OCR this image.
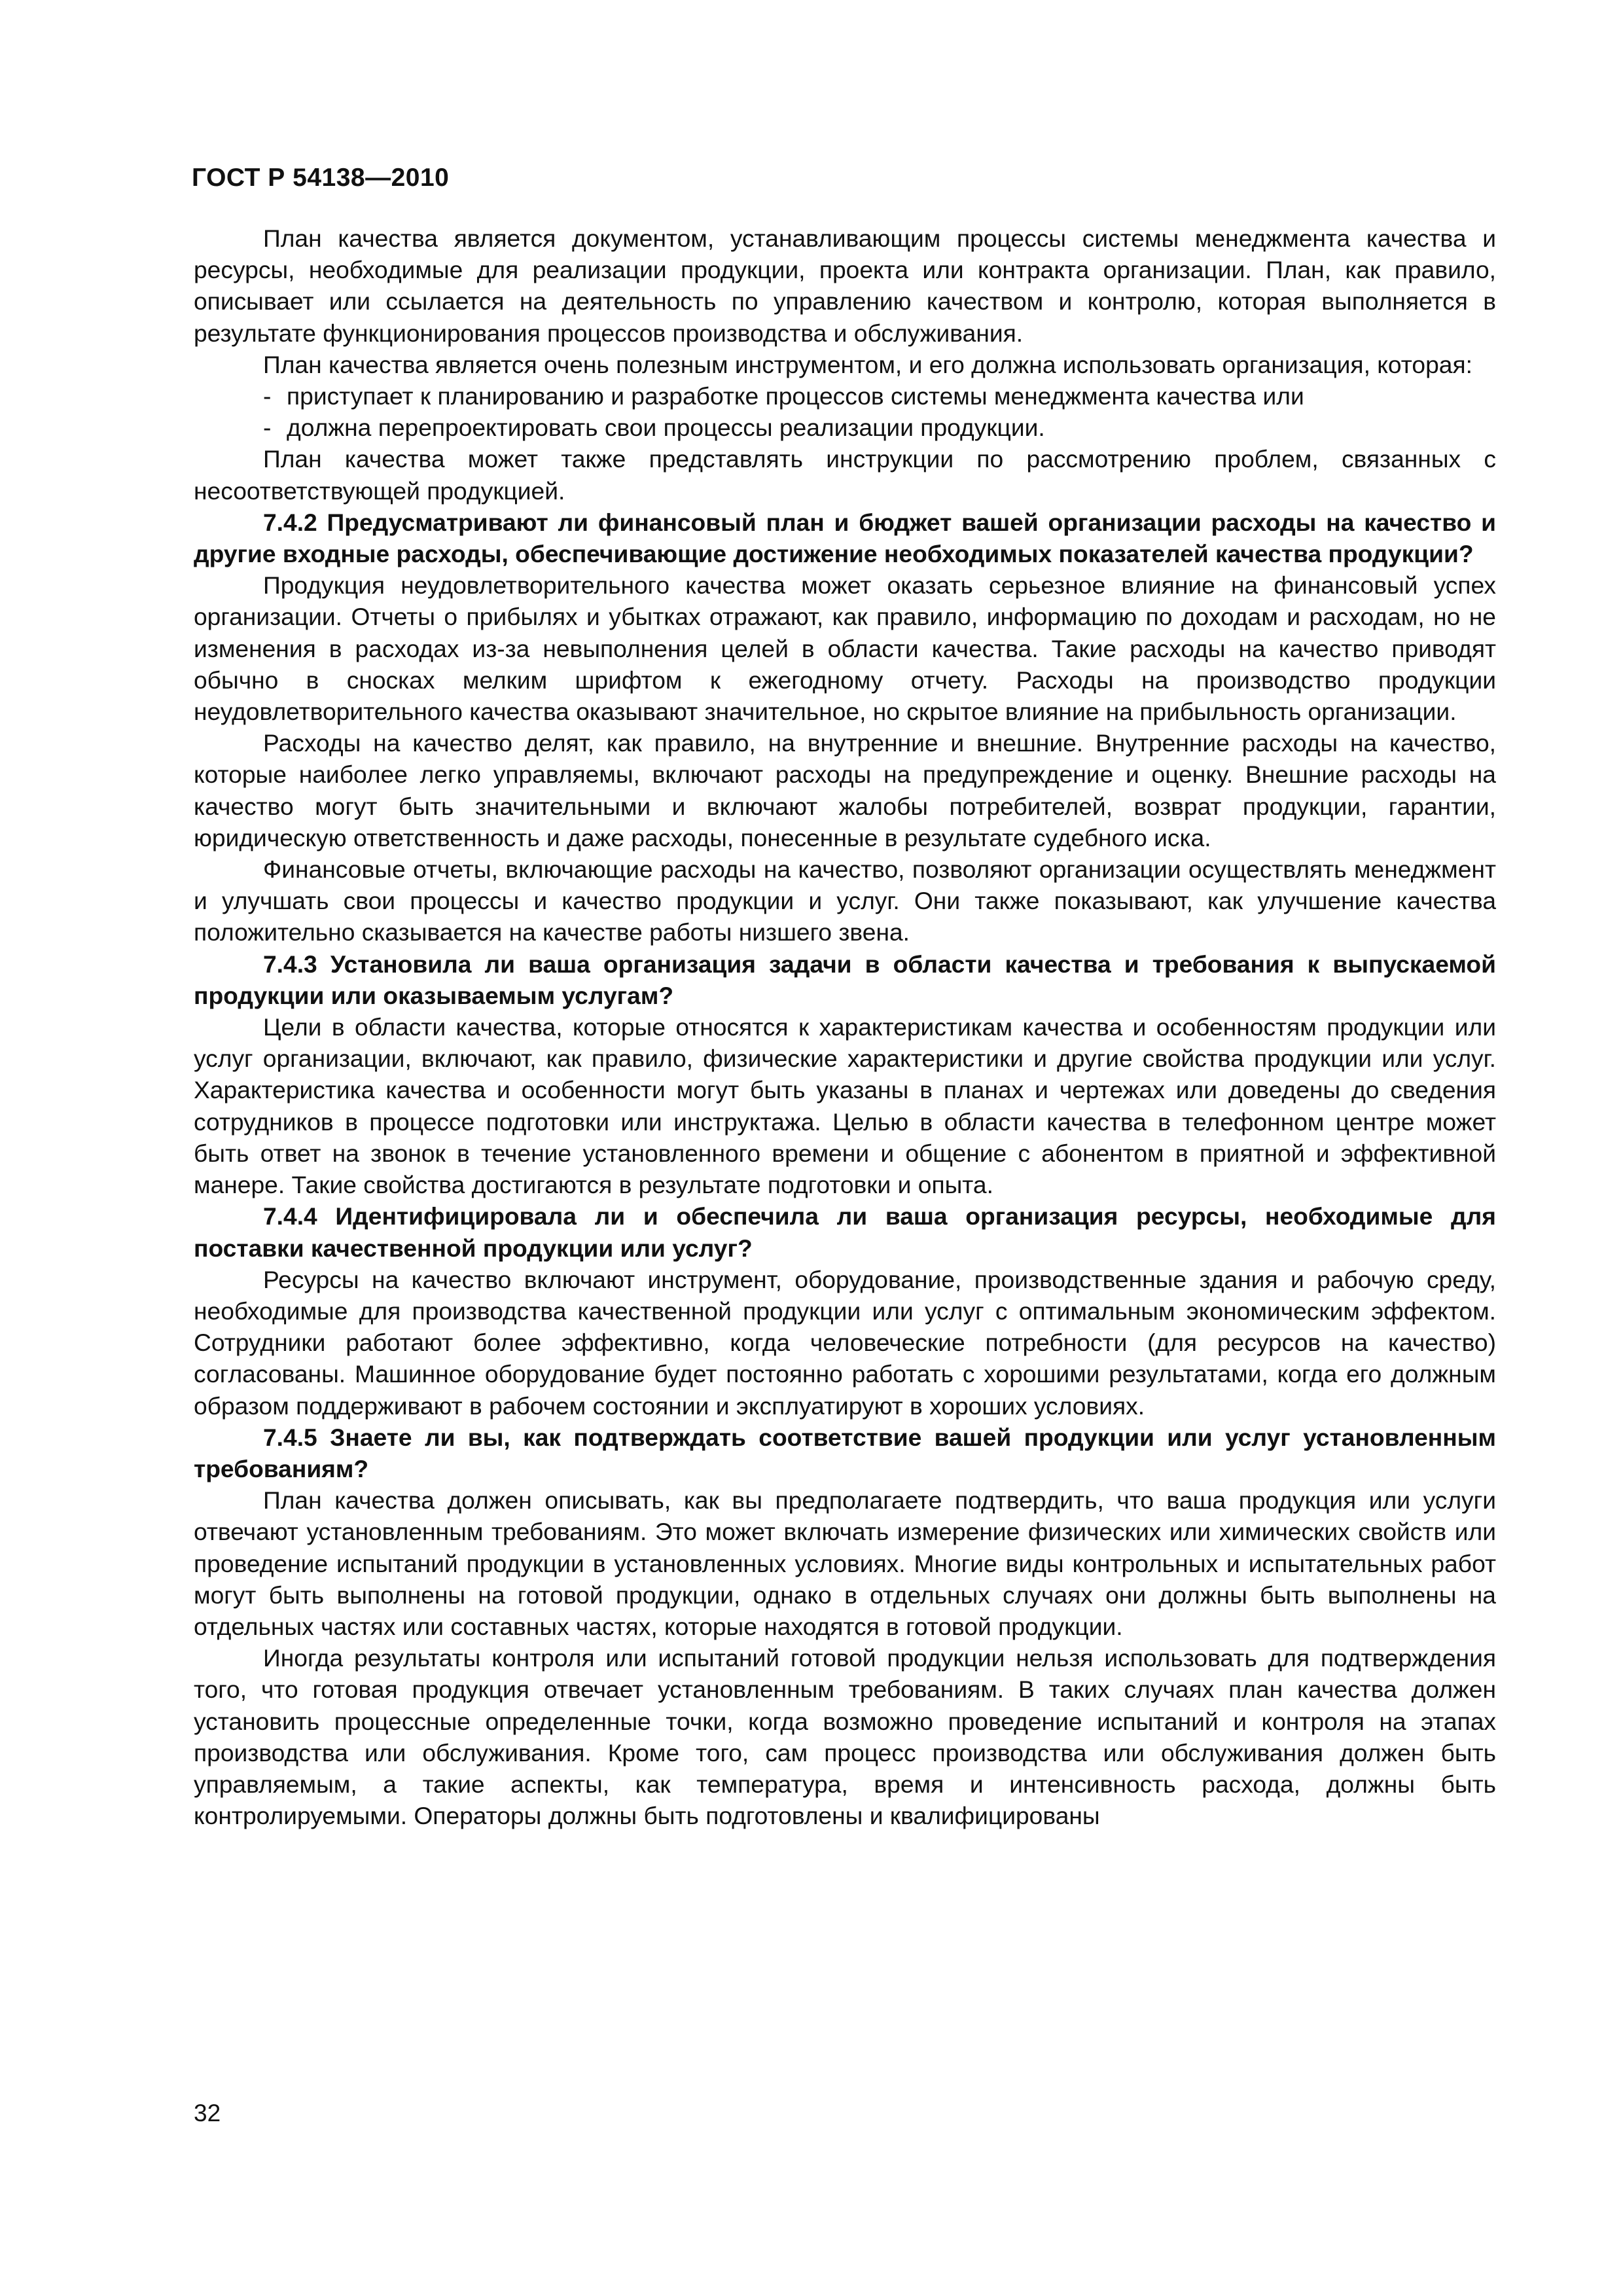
ГОСТ Р 54138—2010

План качества является документом, устанавливающим процессы системы менеджмента качества и ресурсы, необходимые для реализации продукции, проекта или контракта организации. План, как правило, описывает или ссылается на деятельность по управлению качеством и контролю, которая выполняется в результате функционирования процессов производства и обслуживания.

План качества является очень полезным инструментом, и его должна использовать организация, которая:

- приступает к планированию и разработке процессов системы менеджмента качества или

- должна перепроектировать свои процессы реализации продукции.

План качества может также представлять инструкции по рассмотрению проблем, связанных с несоответствующей продукцией.

7.4.2 Предусматривают ли финансовый план и бюджет вашей организации расходы на качество и другие входные расходы, обеспечивающие достижение необходимых показателей качества продукции?

Продукция неудовлетворительного качества может оказать серьезное влияние на финансовый успех организации. Отчеты о прибылях и убытках отражают, как правило, информацию по доходам и расходам, но не изменения в расходах из-за невыполнения целей в области качества. Такие расходы на качество приводят обычно в сносках мелким шрифтом к ежегодному отчету. Расходы на производство продукции неудовлетворительного качества оказывают значительное, но скрытое влияние на прибыльность организации.

Расходы на качество делят, как правило, на внутренние и внешние. Внутренние расходы на качество, которые наиболее легко управляемы, включают расходы на предупреждение и оценку. Внешние расходы на качество могут быть значительными и включают жалобы потребителей, возврат продукции, гарантии, юридическую ответственность и даже расходы, понесенные в результате судебного иска.

Финансовые отчеты, включающие расходы на качество, позволяют организации осуществлять менеджмент и улучшать свои процессы и качество продукции и услуг. Они также показывают, как улучшение качества положительно сказывается на качестве работы низшего звена.

7.4.3 Установила ли ваша организация задачи в области качества и требования к выпускаемой продукции или оказываемым услугам?

Цели в области качества, которые относятся к характеристикам качества и особенностям продукции или услуг организации, включают, как правило, физические характеристики и другие свойства продукции или услуг. Характеристика качества и особенности могут быть указаны в планах и чертежах или доведены до сведения сотрудников в процессе подготовки или инструктажа. Целью в области качества в телефонном центре может быть ответ на звонок в течение установленного времени и общение с абонентом в приятной и эффективной манере. Такие свойства достигаются в результате подготовки и опыта.

7.4.4 Идентифицировала ли и обеспечила ли ваша организация ресурсы, необходимые для поставки качественной продукции или услуг?

Ресурсы на качество включают инструмент, оборудование, производственные здания и рабочую среду, необходимые для производства качественной продукции или услуг с оптимальным экономическим эффектом. Сотрудники работают более эффективно, когда человеческие потребности (для ресурсов на качество) согласованы. Машинное оборудование будет постоянно работать с хорошими результатами, когда его должным образом поддерживают в рабочем состоянии и эксплуатируют в хороших условиях.

7.4.5 Знаете ли вы, как подтверждать соответствие вашей продукции или услуг установленным требованиям?

План качества должен описывать, как вы предполагаете подтвердить, что ваша продукция или услуги отвечают установленным требованиям. Это может включать измерение физических или химических свойств или проведение испытаний продукции в установленных условиях. Многие виды контрольных и испытательных работ могут быть выполнены на готовой продукции, однако в отдельных случаях они должны быть выполнены на отдельных частях или составных частях, которые находятся в готовой продукции.

Иногда результаты контроля или испытаний готовой продукции нельзя использовать для подтверждения того, что готовая продукция отвечает установленным требованиям. В таких случаях план качества должен установить процессные определенные точки, когда возможно проведение испытаний и контроля на этапах производства или обслуживания. Кроме того, сам процесс производства или обслуживания должен быть управляемым, а такие аспекты, как температура, время и интенсивность расхода, должны быть контролируемыми. Операторы должны быть подготовлены и квалифицированы

32
